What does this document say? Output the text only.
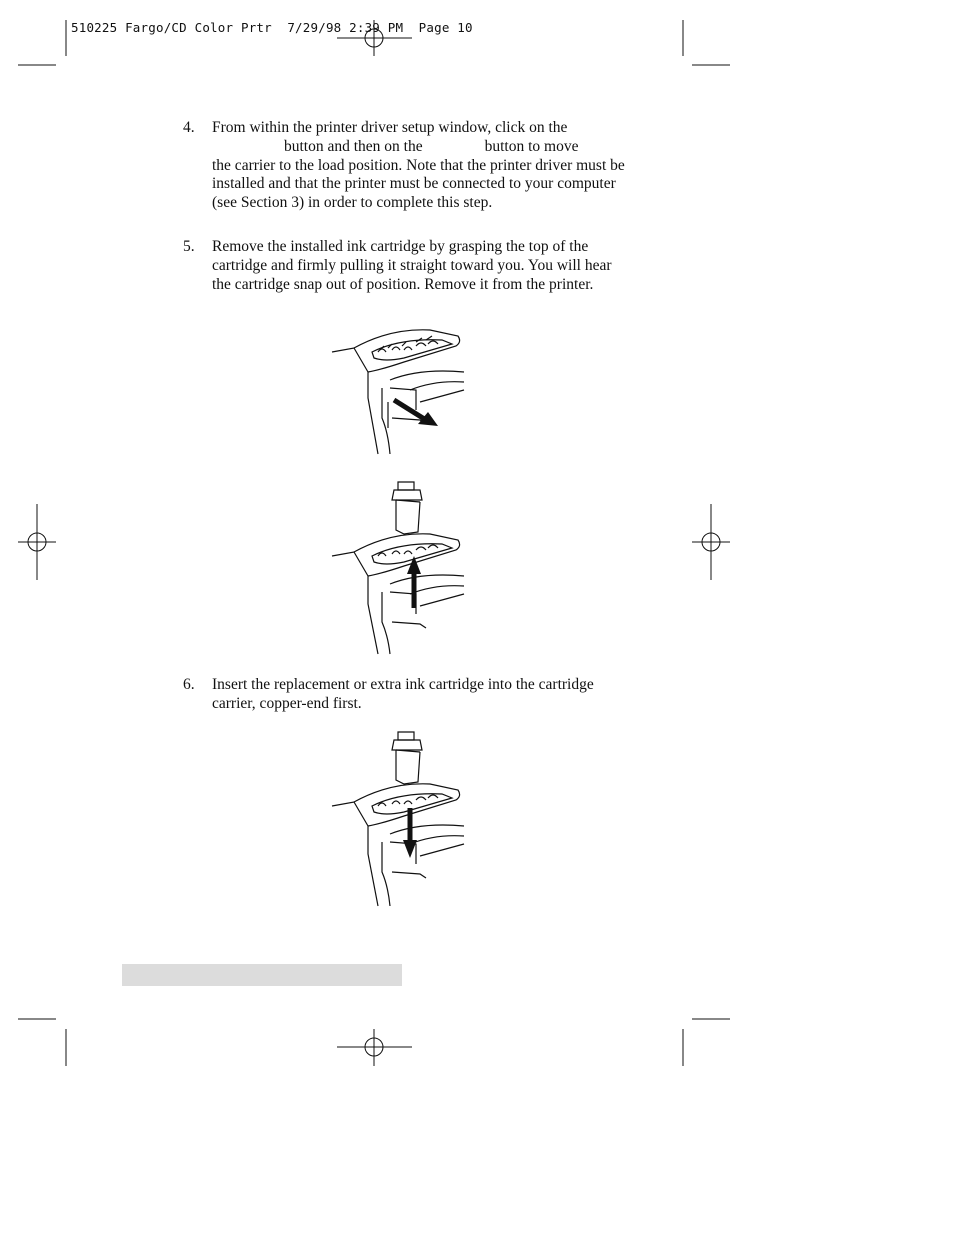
510225 Fargo/CD Color Prtr  7/29/98 2:39 PM  Page 10
4. From within the printer driver setup window, click on the
button and then on the	button to move
the carrier to the load position. Note that the printer driver must be installed and that the printer must be connected to your computer (see Section 3) in order to complete this step.
5. Remove the installed ink cartridge by grasping the top of the cartridge and firmly pulling it straight toward you. You will hear the cartridge snap out of position. Remove it from the printer.
6. Insert the replacement or extra ink cartridge into the cartridge carrier, copper-end first.
